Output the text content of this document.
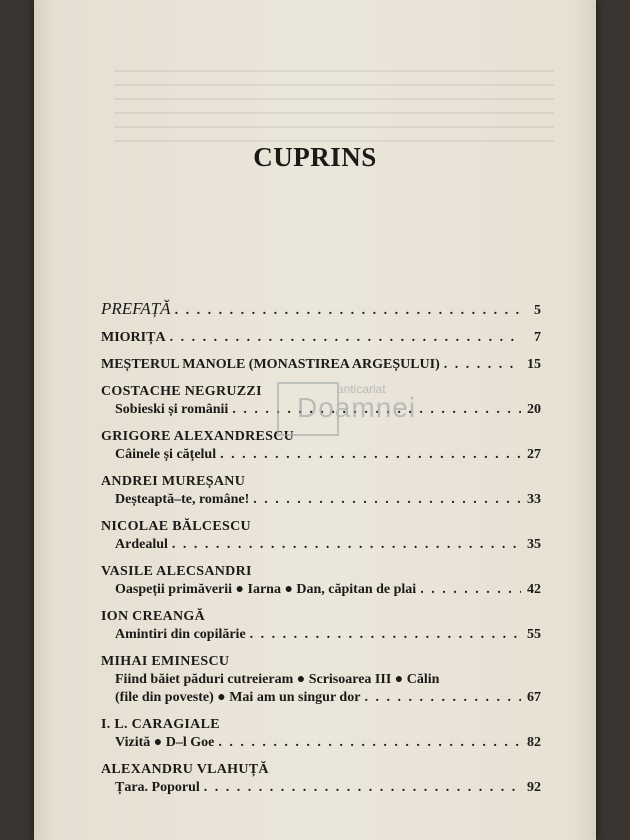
CUPRINS
PREFAȚĂ . . .	5
MIORIȚA . . .	7
MEȘTERUL MANOLE (MONASTIREA ARGEȘULUI) . . .	15
COSTACHE NEGRUZZI
Sobieski și românii . . .	20
GRIGORE ALEXANDRESCU
Câinele și cățelul . . .	27
ANDREI MUREȘANU
Deșteaptă–te, române! . . .	33
NICOLAE BĂLCESCU
Ardealul . . .	35
VASILE ALECSANDRI
Oaspeții primăverii ● Iarna ● Dan, căpitan de plai . . .	42
ION CREANGĂ
Amintiri din copilărie . . .	55
MIHAI EMINESCU
Fiind băiet păduri cutreieram ● Scrisoarea III ● Călin
(file din poveste) ● Mai am un singur dor . . .	67
I. L. CARAGIALE
Vizită ● D–l Goe . . .	82
ALEXANDRU VLAHUȚĂ
Țara. Poporul . . .	92
anticariat
Doamnei
